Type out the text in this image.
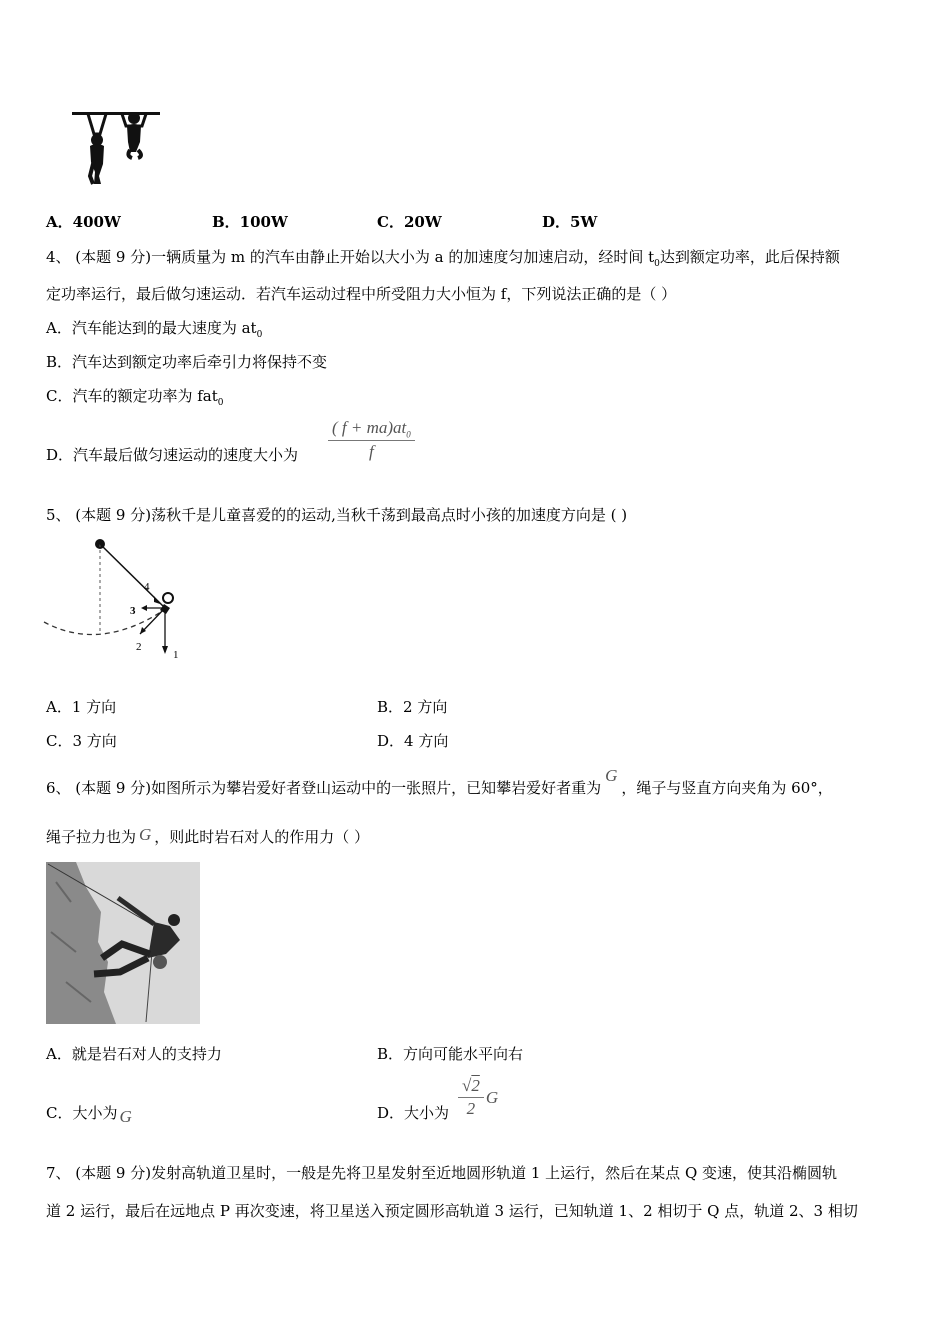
A．400W	B．100W	C．20W	D．5W
4、 (本题 9 分)一辆质量为 m 的汽车由静止开始以大小为 a 的加速度匀加速启动，经时间 $t_0$达到额定功率，此后保持额
定功率运行，最后做匀速运动．若汽车运动过程中所受阻力大小恒为 f，下列说法正确的是（ ）
A．汽车能达到的最大速度为 $at_0$
B．汽车达到额定功率后牵引力将保持不变
C．汽车的额定功率为 fat$_0$
D．汽车最后做匀速运动的速度大小为 $\frac{( f + ma)at_0}{f}$
5、 (本题 9 分)荡秋千是儿童喜爱的的运动,当秋千荡到最高点时小孩的加速度方向是 ( )
4
3
2
1
A．1 方向	B．2 方向
C．3 方向	D．4 方向
6、 (本题 9 分)如图所示为攀岩爱好者登山运动中的一张照片，已知攀岩爱好者重为G，绳子与竖直方向夹角为 60°，
绳子拉力也为 G ，则此时岩石对人的作用力（ ）
A．就是岩石对人的支持力	B．方向可能水平向右
C．大小为 G	D．大小为 $\frac{√2}{2}$ G
7、 (本题 9 分)发射高轨道卫星时，一般是先将卫星发射至近地圆形轨道 1 上运行，然后在某点 Q 变速，使其沿椭圆轨
道 2 运行，最后在远地点 P 再次变速，将卫星送入预定圆形高轨道 3 运行，已知轨道 1、2 相切于 Q 点，轨道 2、3 相切
